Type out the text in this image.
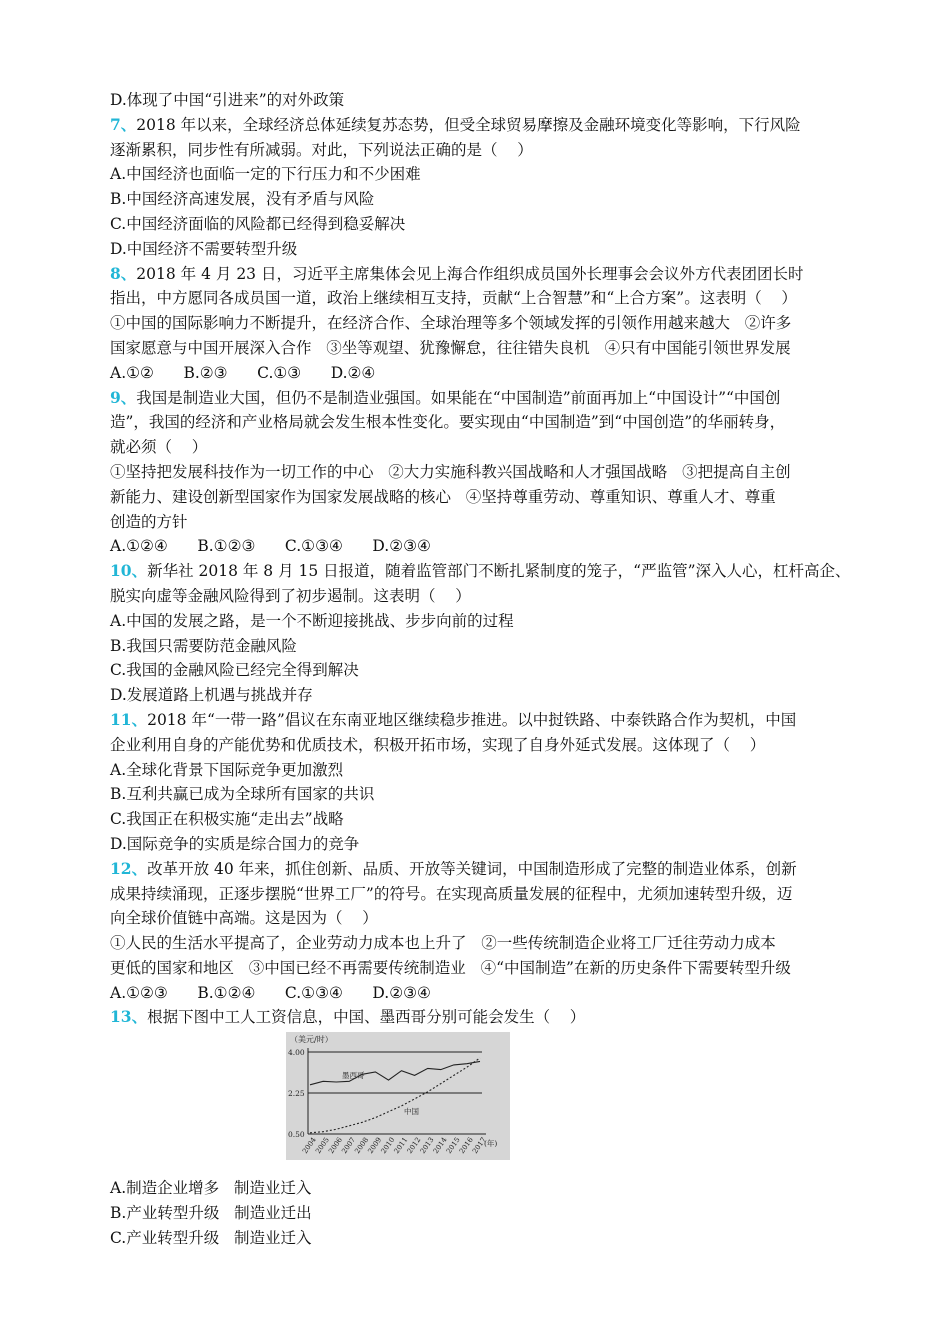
D.体现了中国“引进来”的对外政策
7、2018 年以来，全球经济总体延续复苏态势，但受全球贸易摩擦及金融环境变化等影响，下行风险
逐渐累积，同步性有所减弱。对此，下列说法正确的是（    ）
A.中国经济也面临一定的下行压力和不少困难
B.中国经济高速发展，没有矛盾与风险
C.中国经济面临的风险都已经得到稳妥解决
D.中国经济不需要转型升级
8、2018 年 4 月 23 日，习近平主席集体会见上海合作组织成员国外长理事会会议外方代表团团长时
指出，中方愿同各成员国一道，政治上继续相互支持，贡献“上合智慧”和“上合方案”。这表明（    ）
①中国的国际影响力不断提升，在经济合作、全球治理等多个领域发挥的引领作用越来越大   ②许多
国家愿意与中国开展深入合作   ③坐等观望、犹豫懈怠，往往错失良机   ④只有中国能引领世界发展
A.①②      B.②③      C.①③      D.②④
9、我国是制造业大国，但仍不是制造业强国。如果能在“中国制造”前面再加上“中国设计”“中国创
造”，我国的经济和产业格局就会发生根本性变化。要实现由“中国制造”到“中国创造”的华丽转身，
就必须（    ）
①坚持把发展科技作为一切工作的中心   ②大力实施科教兴国战略和人才强国战略   ③把提高自主创
新能力、建设创新型国家作为国家发展战略的核心   ④坚持尊重劳动、尊重知识、尊重人才、尊重
创造的方针
A.①②④      B.①②③      C.①③④      D.②③④
10、新华社 2018 年 8 月 15 日报道，随着监管部门不断扎紧制度的笼子，“严监管”深入人心，杠杆高企、
脱实向虚等金融风险得到了初步遏制。这表明（    ）
A.中国的发展之路，是一个不断迎接挑战、步步向前的过程
B.我国只需要防范金融风险
C.我国的金融风险已经完全得到解决
D.发展道路上机遇与挑战并存
11、2018 年“一带一路”倡议在东南亚地区继续稳步推进。以中挝铁路、中泰铁路合作为契机，中国
企业利用自身的产能优势和优质技术，积极开拓市场，实现了自身外延式发展。这体现了（    ）
A.全球化背景下国际竞争更加激烈
B.互利共赢已成为全球所有国家的共识
C.我国正在积极实施“走出去”战略
D.国际竞争的实质是综合国力的竞争
12、改革开放 40 年来，抓住创新、品质、开放等关键词，中国制造形成了完整的制造业体系，创新
成果持续涌现，正逐步摆脱“世界工厂”的符号。在实现高质量发展的征程中，尤须加速转型升级，迈
向全球价值链中高端。这是因为（    ）
①人民的生活水平提高了，企业劳动力成本也上升了   ②一些传统制造企业将工厂迁往劳动力成本
更低的国家和地区   ③中国已经不再需要传统制造业   ④“中国制造”在新的历史条件下需要转型升级
A.①②③      B.①②④      C.①③④      D.②③④
13、根据下图中工人工资信息，中国、墨西哥分别可能会发生（    ）
（美元/时）
4.00
2.25
0.50
墨西哥
中国
2004
2005
2006
2007
2008
2009
2010
2011
2012
2013
2014
2015
2016
2017
(年)
A.制造企业增多   制造业迁入
B.产业转型升级   制造业迁出
C.产业转型升级   制造业迁入
